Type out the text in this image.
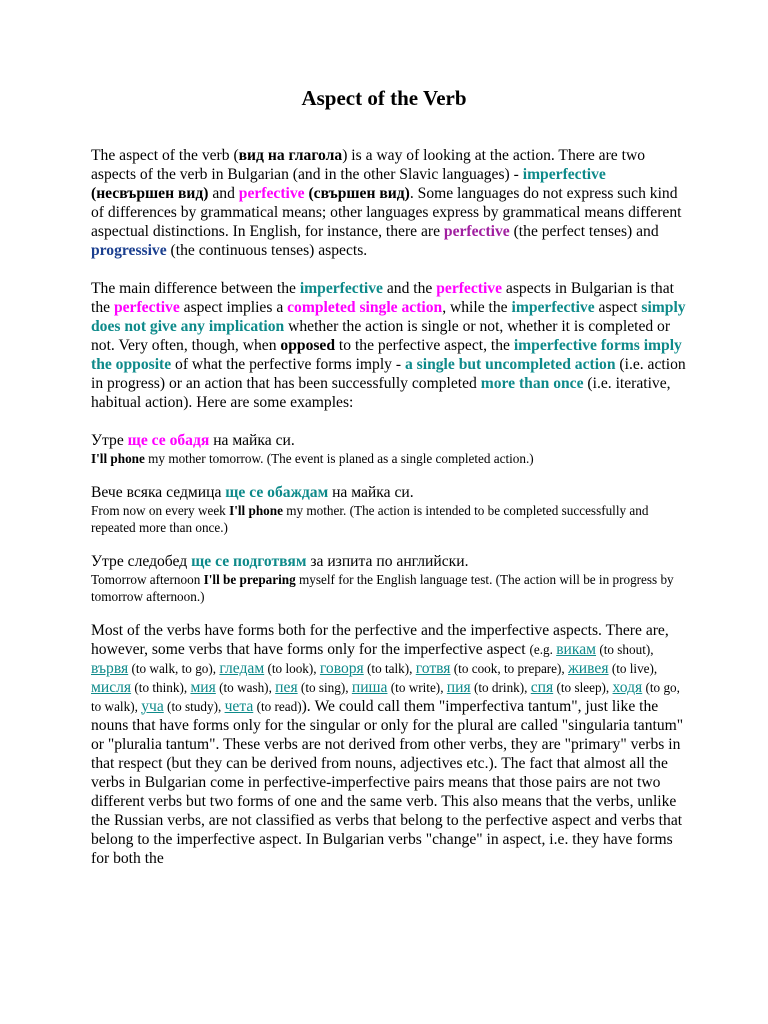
Aspect of the Verb

The aspect of the verb (вид на глагола) is a way of looking at the action. There are two aspects of the verb in Bulgarian (and in the other Slavic languages) - imperfective (несвършен вид) and perfective (свършен вид). Some languages do not express such kind of differences by grammatical means; other languages express by grammatical means different aspectual distinctions. In English, for instance, there are perfective (the perfect tenses) and progressive (the continuous tenses) aspects.

The main difference between the imperfective and the perfective aspects in Bulgarian is that the perfective aspect implies a completed single action, while the imperfective aspect simply does not give any implication whether the action is single or not, whether it is completed or not. Very often, though, when opposed to the perfective aspect, the imperfective forms imply the opposite of what the perfective forms imply - a single but uncompleted action (i.e. action in progress) or an action that has been successfully completed more than once (i.e. iterative, habitual action). Here are some examples:

Утре ще се обадя на майка си.

I'll phone my mother tomorrow. (The event is planed as a single completed action.)

Вече всяка седмица ще се обаждам на майка си.

From now on every week I'll phone my mother. (The action is intended to be completed successfully and repeated more than once.)

Утре следобед ще се подготвям за изпита по английски.

Tomorrow afternoon I'll be preparing myself for the English language test. (The action will be in progress by tomorrow afternoon.)

Most of the verbs have forms both for the perfective and the imperfective aspects. There are, however, some verbs that have forms only for the imperfective aspect (e.g. викам (to shout), вървя (to walk, to go), гледам (to look), говоря (to talk), готвя (to cook, to prepare), живея (to live), мисля (to think), мия (to wash), пея (to sing), пиша (to write), пия (to drink), спя (to sleep), ходя (to go, to walk), уча (to study), чета (to read)). We could call them "imperfectiva tantum", just like the nouns that have forms only for the singular or only for the plural are called "singularia tantum" or "pluralia tantum". These verbs are not derived from other verbs, they are "primary" verbs in that respect (but they can be derived from nouns, adjectives etc.). The fact that almost all the verbs in Bulgarian come in perfective-imperfective pairs means that those pairs are not two different verbs but two forms of one and the same verb. This also means that the verbs, unlike the Russian verbs, are not classified as verbs that belong to the perfective aspect and verbs that belong to the imperfective aspect. In Bulgarian verbs "change" in aspect, i.e. they have forms for both the
